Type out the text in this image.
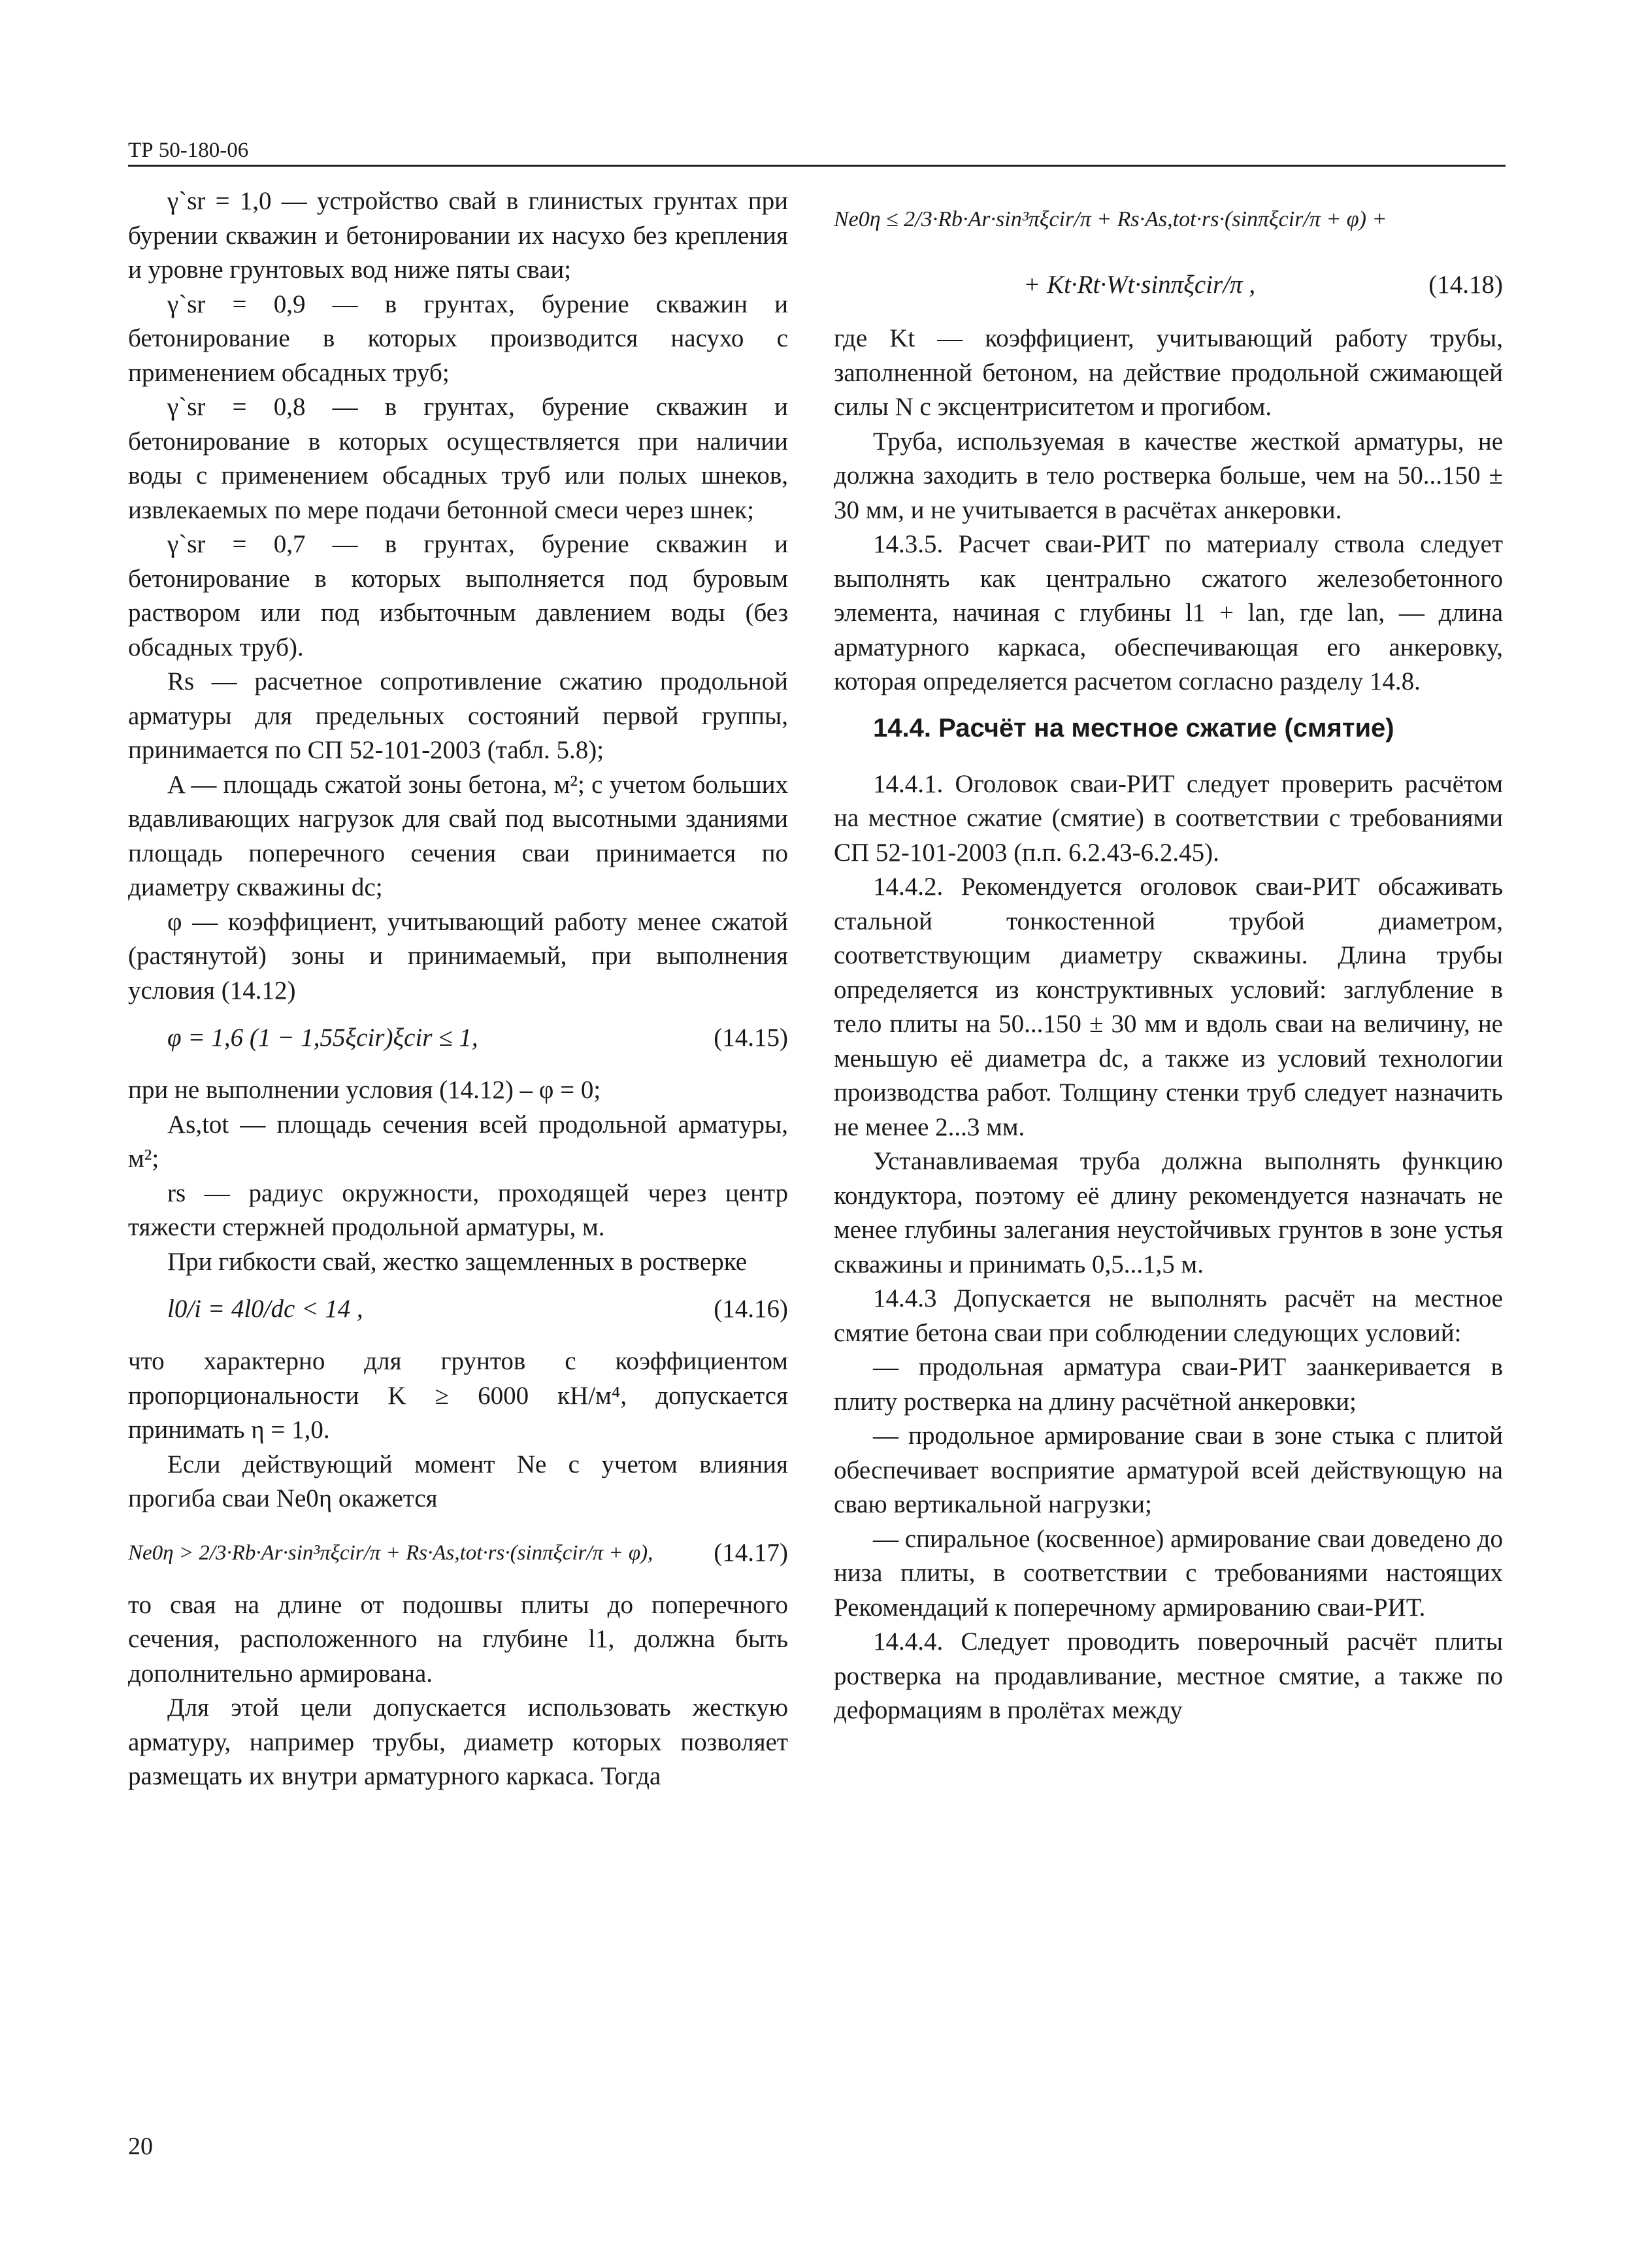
ТР 50-180-06

γ`sr = 1,0 — устройство свай в глинистых грунтах при бурении скважин и бетонировании их насухо без крепления и уровне грунтовых вод ниже пяты сваи;

γ`sr = 0,9 — в грунтах, бурение скважин и бетонирование в которых производится насухо с применением обсадных труб;

γ`sr = 0,8 — в грунтах, бурение скважин и бетонирование в которых осуществляется при наличии воды с применением обсадных труб или полых шнеков, извлекаемых по мере подачи бетонной смеси через шнек;

γ`sr = 0,7 — в грунтах, бурение скважин и бетонирование в которых выполняется под буровым раствором или под избыточным давлением воды (без обсадных труб).

Rs — расчетное сопротивление сжатию продольной арматуры для предельных состояний первой группы, принимается по СП 52-101-2003 (табл. 5.8);

A — площадь сжатой зоны бетона, м²; с учетом больших вдавливающих нагрузок для свай под высотными зданиями площадь поперечного сечения сваи принимается по диаметру скважины dc;

φ — коэффициент, учитывающий работу менее сжатой (растянутой) зоны и принимаемый, при выполнения условия (14.12)

φ = 1,6 (1 − 1,55ξcir)ξcir ≤ 1,	(14.15)

при не выполнении условия (14.12) – φ = 0;

As,tot — площадь сечения всей продольной арматуры, м²;

rs — радиус окружности, проходящей через центр тяжести стержней продольной арматуры, м.

При гибкости свай, жестко защемленных в ростверке

l0/i = 4l0/dc < 14 ,	(14.16)

что характерно для грунтов с коэффициентом пропорциональности K ≥ 6000 кН/м⁴, допускается принимать η = 1,0.

Если действующий момент Ne с учетом влияния прогиба сваи Ne0η окажется

Ne0η > 2/3·Rb·Ar·sin³πξcir/π + Rs·As,tot·rs·(sinπξcir/π + φ), (14.17)

то свая на длине от подошвы плиты до поперечного сечения, расположенного на глубине l1, должна быть дополнительно армирована.

Для этой цели допускается использовать жесткую арматуру, например трубы, диаметр которых позволяет размещать их внутри арматурного каркаса. Тогда

Ne0η ≤ 2/3·Rb·Ar·sin³πξcir/π + Rs·As,tot·rs·(sinπξcir/π + φ) +
+ Kt·Rt·Wt·sinπξcir/π ,	(14.18)

где Kt — коэффициент, учитывающий работу трубы, заполненной бетоном, на действие продольной сжимающей силы N с эксцентриситетом и прогибом.

Труба, используемая в качестве жесткой арматуры, не должна заходить в тело ростверка больше, чем на 50...150 ± 30 мм, и не учитывается в расчётах анкеровки.

14.3.5. Расчет сваи-РИТ по материалу ствола следует выполнять как центрально сжатого железобетонного элемента, начиная с глубины l1 + lan, где lan, — длина арматурного каркаса, обеспечивающая его анкеровку, которая определяется расчетом согласно разделу 14.8.

14.4. Расчёт на местное сжатие (смятие)

14.4.1. Оголовок сваи-РИТ следует проверить расчётом на местное сжатие (смятие) в соответствии с требованиями СП 52-101-2003 (п.п. 6.2.43-6.2.45).

14.4.2. Рекомендуется оголовок сваи-РИТ обсаживать стальной тонкостенной трубой диаметром, соответствующим диаметру скважины. Длина трубы определяется из конструктивных условий: заглубление в тело плиты на 50...150 ± 30 мм и вдоль сваи на величину, не меньшую её диаметра dc, а также из условий технологии производства работ. Толщину стенки труб следует назначить не менее 2...3 мм.

Устанавливаемая труба должна выполнять функцию кондуктора, поэтому её длину рекомендуется назначать не менее глубины залегания неустойчивых грунтов в зоне устья скважины и принимать 0,5...1,5 м.

14.4.3 Допускается не выполнять расчёт на местное смятие бетона сваи при соблюдении следующих условий:

— продольная арматура сваи-РИТ заанкеривается в плиту ростверка на длину расчётной анкеровки;

— продольное армирование сваи в зоне стыка с плитой обеспечивает восприятие арматурой всей действующую на сваю вертикальной нагрузки;

— спиральное (косвенное) армирование сваи доведено до низа плиты, в соответствии с требованиями настоящих Рекомендаций к поперечному армированию сваи-РИТ.

14.4.4. Следует проводить поверочный расчёт плиты ростверка на продавливание, местное смятие, а также по деформациям в пролётах между

20
